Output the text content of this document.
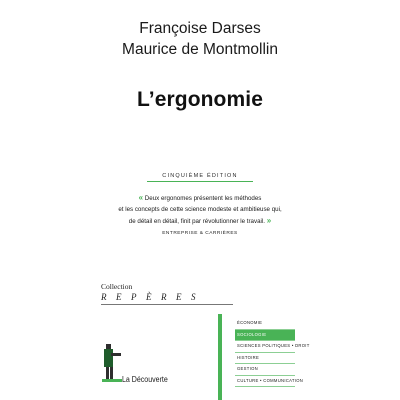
Françoise Darses
Maurice de Montmollin
L’ergonomie
CINQUIÈME ÉDITION
« Deux ergonomes présentent les méthodes
et les concepts de cette science modeste et ambitieuse qui,
de détail en détail, finit par révolutionner le travail. »
ENTREPRISE & CARRIÈRES
Collection
REPÈRES
La Découverte
ÉCONOMIE
SOCIOLOGIE
SCIENCES POLITIQUES • DROIT
HISTOIRE
GESTION
CULTURE • COMMUNICATION
